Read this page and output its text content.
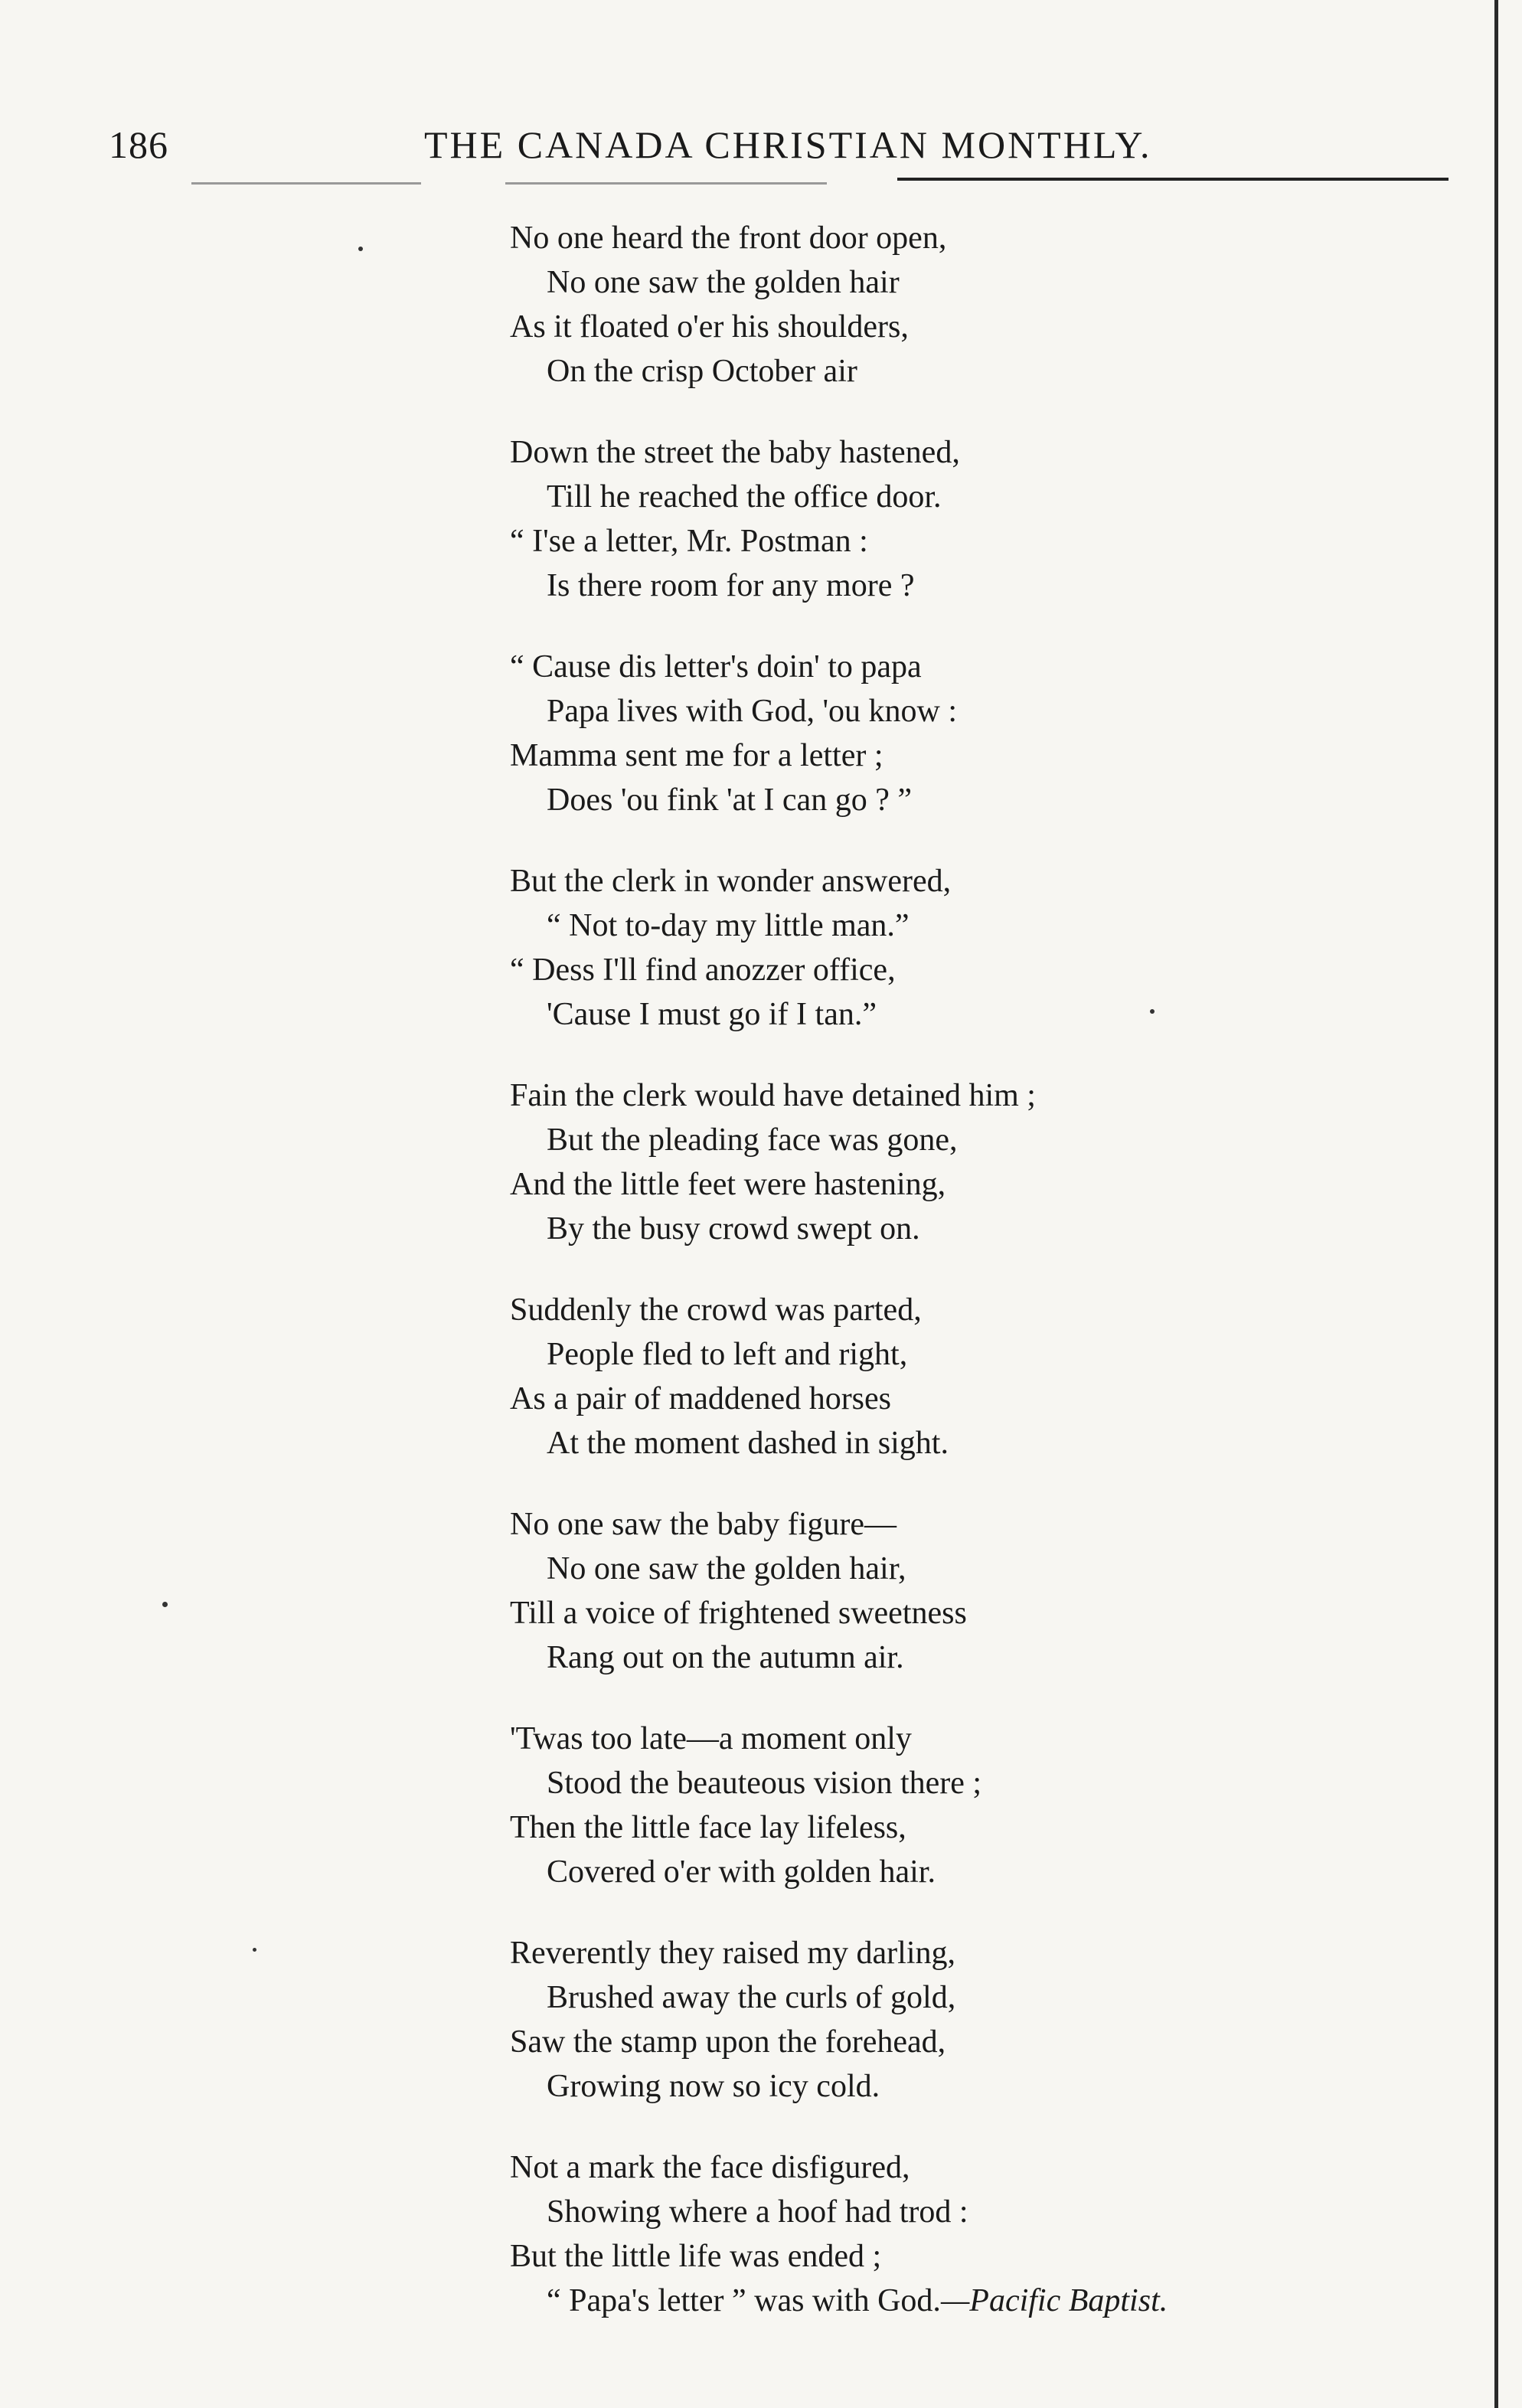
186	THE CANADA CHRISTIAN MONTHLY.
No one heard the front door open,
No one saw the golden hair
As it floated o'er his shoulders,
On the crisp October air
Down the street the baby hastened,
Till he reached the office door.
“ I'se a letter, Mr. Postman :
Is there room for any more ?
“ Cause dis letter's doin' to papa
Papa lives with God, 'ou know :
Mamma sent me for a letter ;
Does 'ou fink 'at I can go ? ”
But the clerk in wonder answered,
“ Not to-day my little man.”
“ Dess I'll find anozzer office,
'Cause I must go if I tan.”
Fain the clerk would have detained him ;
But the pleading face was gone,
And the little feet were hastening,
By the busy crowd swept on.
Suddenly the crowd was parted,
People fled to left and right,
As a pair of maddened horses
At the moment dashed in sight.
No one saw the baby figure—
No one saw the golden hair,
Till a voice of frightened sweetness
Rang out on the autumn air.
'Twas too late—a moment only
Stood the beauteous vision there ;
Then the little face lay lifeless,
Covered o'er with golden hair.
Reverently they raised my darling,
Brushed away the curls of gold,
Saw the stamp upon the forehead,
Growing now so icy cold.
Not a mark the face disfigured,
Showing where a hoof had trod :
But the little life was ended ;
“ Papa's letter ” was with God.—Pacific Baptist.
